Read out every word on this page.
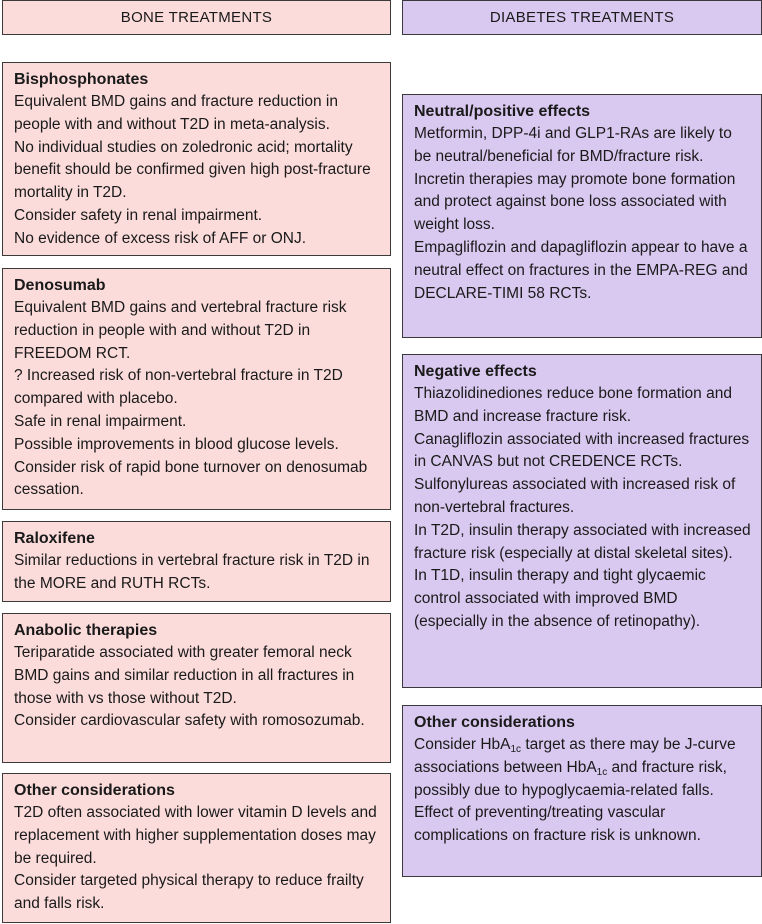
BONE TREATMENTS	DIABETES TREATMENTS
Bisphosphonates

Equivalent BMD gains and fracture reduction in people with and without T2D in meta-analysis.

No individual studies on zoledronic acid; mortality benefit should be confirmed given high post-fracture mortality in T2D.

Consider safety in renal impairment.

No evidence of excess risk of AFF or ONJ.

Denosumab

Equivalent BMD gains and vertebral fracture risk reduction in people with and without T2D in FREEDOM RCT.

? Increased risk of non-vertebral fracture in T2D compared with placebo.

Safe in renal impairment.

Possible improvements in blood glucose levels.

Consider risk of rapid bone turnover on denosumab cessation.

Raloxifene

Similar reductions in vertebral fracture risk in T2D in the MORE and RUTH RCTs.

Anabolic therapies

Teriparatide associated with greater femoral neck BMD gains and similar reduction in all fractures in those with vs those without T2D.

Consider cardiovascular safety with romosozumab.

Other considerations

T2D often associated with lower vitamin D levels and replacement with higher supplementation doses may be required.

Consider targeted physical therapy to reduce frailty and falls risk.

Neutral/positive effects

Metformin, DPP-4i and GLP1-RAs are likely to be neutral/beneficial for BMD/fracture risk.

Incretin therapies may promote bone formation and protect against bone loss associated with weight loss.

Empagliflozin and dapagliflozin appear to have a neutral effect on fractures in the EMPA-REG and DECLARE-TIMI 58 RCTs.

Negative effects

Thiazolidinediones reduce bone formation and BMD and increase fracture risk.

Canagliflozin associated with increased fractures in CANVAS but not CREDENCE RCTs.

Sulfonylureas associated with increased risk of non-vertebral fractures.

In T2D, insulin therapy associated with increased fracture risk (especially at distal skeletal sites).

In T1D, insulin therapy and tight glycaemic control associated with improved BMD (especially in the absence of retinopathy).

Other considerations

Consider HbA$_{1c}$ target as there may be J-curve associations between HbA$_{1c}$ and fracture risk, possibly due to hypoglycaemia-related falls.

Effect of preventing/treating vascular complications on fracture risk is unknown.
